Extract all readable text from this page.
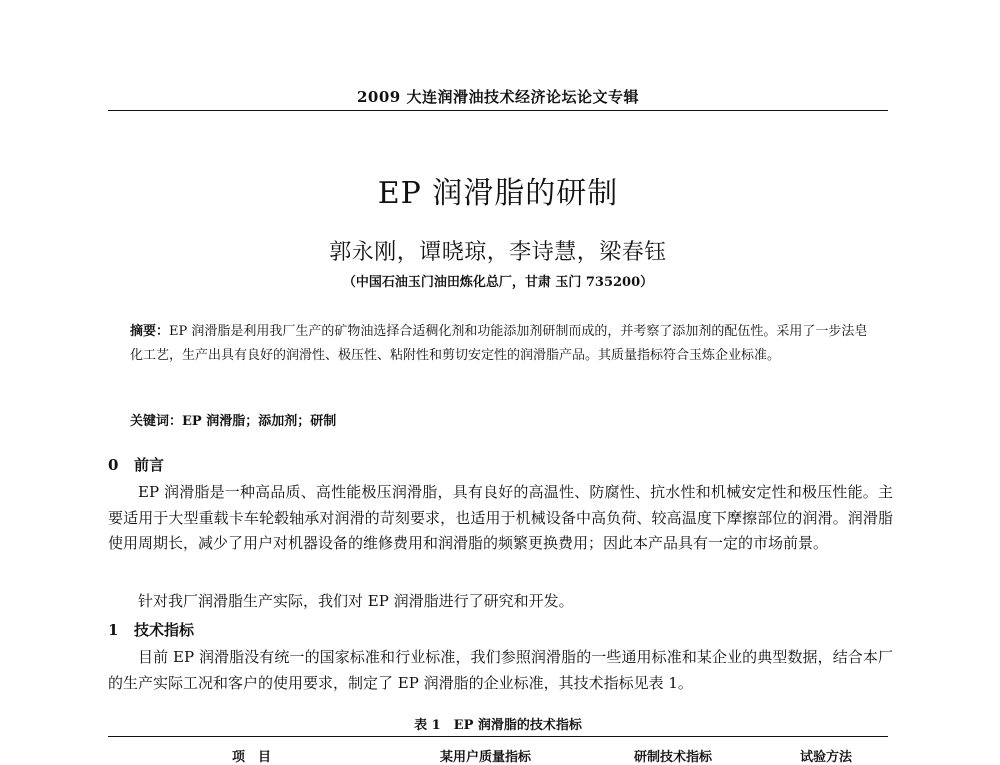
2009 大连润滑油技术经济论坛论文专辑
EP 润滑脂的研制
郭永刚，谭晓琼，李诗慧，梁春钰
（中国石油玉门油田炼化总厂，甘肃 玉门 735200）
摘要：EP 润滑脂是利用我厂生产的矿物油选择合适稠化剂和功能添加剂研制而成的，并考察了添加剂的配伍性。采用了一步法皂化工艺，生产出具有良好的润滑性、极压性、粘附性和剪切安定性的润滑脂产品。其质量指标符合玉炼企业标准。
关键词：EP 润滑脂；添加剂；研制
0 前言
EP 润滑脂是一种高品质、高性能极压润滑脂，具有良好的高温性、防腐性、抗水性和机械安定性和极压性能。主要适用于大型重载卡车轮毂轴承对润滑的苛刻要求，也适用于机械设备中高负荷、较高温度下摩擦部位的润滑。润滑脂使用周期长，减少了用户对机器设备的维修费用和润滑脂的频繁更换费用；因此本产品具有一定的市场前景。
针对我厂润滑脂生产实际，我们对 EP 润滑脂进行了研究和开发。
1 技术指标
目前 EP 润滑脂没有统一的国家标准和行业标准，我们参照润滑脂的一些通用标准和某企业的典型数据，结合本厂的生产实际工况和客户的使用要求，制定了 EP 润滑脂的企业标准，其技术指标见表 1。
表 1　EP 润滑脂的技术指标
项　目	某用户质量指标	研制技术指标	试验方法
